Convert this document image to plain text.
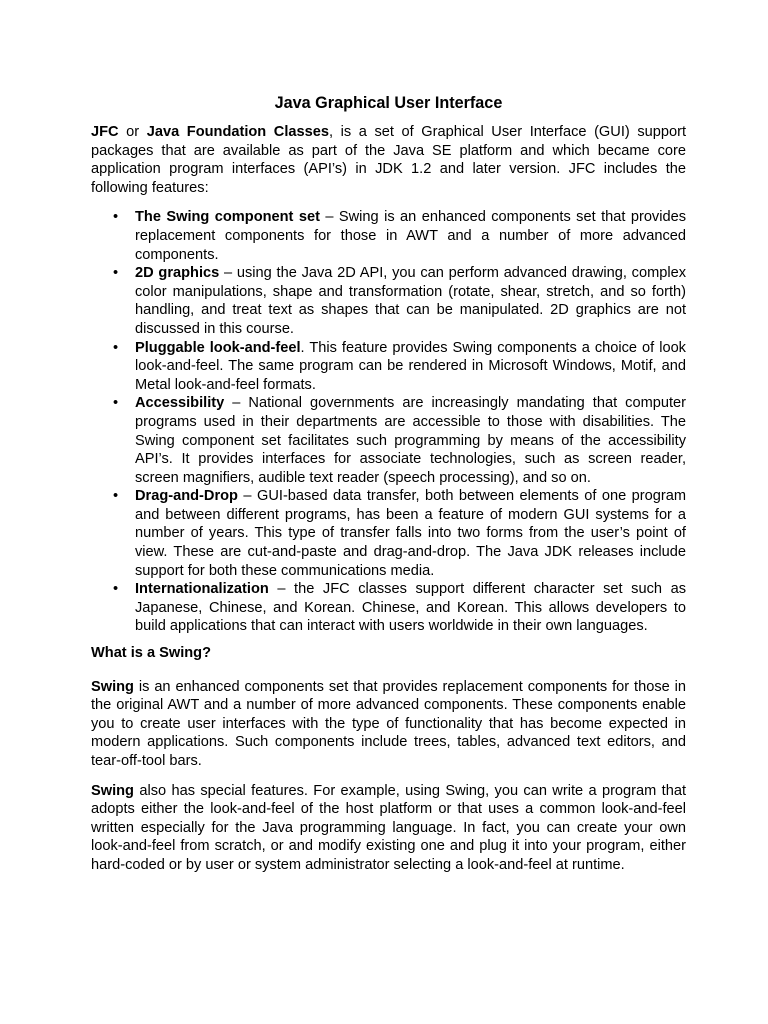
Java Graphical User Interface

JFC or Java Foundation Classes, is a set of Graphical User Interface (GUI) support packages that are available as part of the Java SE platform and which became core application program interfaces (API’s) in JDK 1.2 and later version. JFC includes the following features:

• The Swing component set – Swing is an enhanced components set that provides replacement components for those in AWT and a number of more advanced components.
• 2D graphics – using the Java 2D API, you can perform advanced drawing, complex color manipulations, shape and transformation (rotate, shear, stretch, and so forth) handling, and treat text as shapes that can be manipulated. 2D graphics are not discussed in this course.
• Pluggable look-and-feel. This feature provides Swing components a choice of look look-and-feel. The same program can be rendered in Microsoft Windows, Motif, and Metal look-and-feel formats.
• Accessibility – National governments are increasingly mandating that computer programs used in their departments are accessible to those with disabilities. The Swing component set facilitates such programming by means of the accessibility API’s. It provides interfaces for associate technologies, such as screen reader, screen magnifiers, audible text reader (speech processing), and so on.
• Drag-and-Drop – GUI-based data transfer, both between elements of one program and between different programs, has been a feature of modern GUI systems for a number of years. This type of transfer falls into two forms from the user’s point of view. These are cut-and-paste and drag-and-drop. The Java JDK releases include support for both these communications media.
• Internationalization – the JFC classes support different character set such as Japanese, Chinese, and Korean. Chinese, and Korean. This allows developers to build applications that can interact with users worldwide in their own languages.
What is a Swing?

Swing is an enhanced components set that provides replacement components for those in the original AWT and a number of more advanced components. These components enable you to create user interfaces with the type of functionality that has become expected in modern applications. Such components include trees, tables, advanced text editors, and tear-off-tool bars.

Swing also has special features. For example, using Swing, you can write a program that adopts either the look-and-feel of the host platform or that uses a common look-and-feel written especially for the Java programming language. In fact, you can create your own look-and-feel from scratch, or and modify existing one and plug it into your program, either hard-coded or by user or system administrator selecting a look-and-feel at runtime.
